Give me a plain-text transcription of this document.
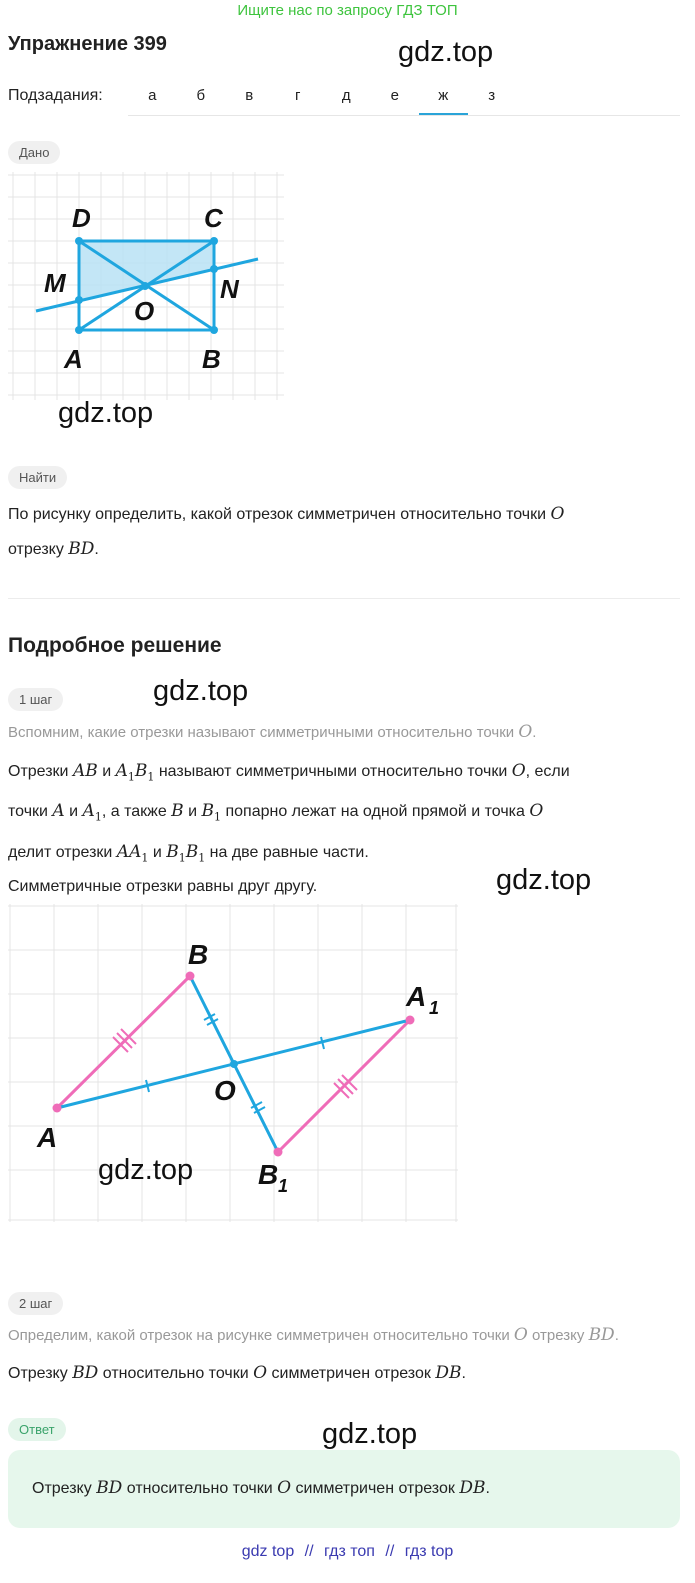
Ищите нас по запросу ГДЗ ТОП
Упражнение 399	gdz.top
Подзадания:	а	б	в	г	д	е	ж	з
Дано
D	C
M	N
O
A	B
gdz.top
Найти
По рисунку определить, какой отрезок симметричен относительно точки O
отрезку BD.
Подробное решение
1 шаг	gdz.top
Вспомним, какие отрезки называют симметричными относительно точки O.
Отрезки AB и $A_1B_1$ называют симметричными относительно точки O, если
точки A и $A_1$, а также B и $B_1$ попарно лежат на одной прямой и точка O
делит отрезки $AA_1$ и $B_1B_1$ на две равные части.
Симметричные отрезки равны друг другу.	gdz.top
B
A 1
O
A
B 1
gdz.top
2 шаг
Определим, какой отрезок на рисунке симметричен относительно точки O отрезку BD.
Отрезку BD относительно точки O симметричен отрезок DB.
Ответ	gdz.top
Отрезку BD относительно точки O симметричен отрезок DB.
gdz top // гдз топ // гдз top
